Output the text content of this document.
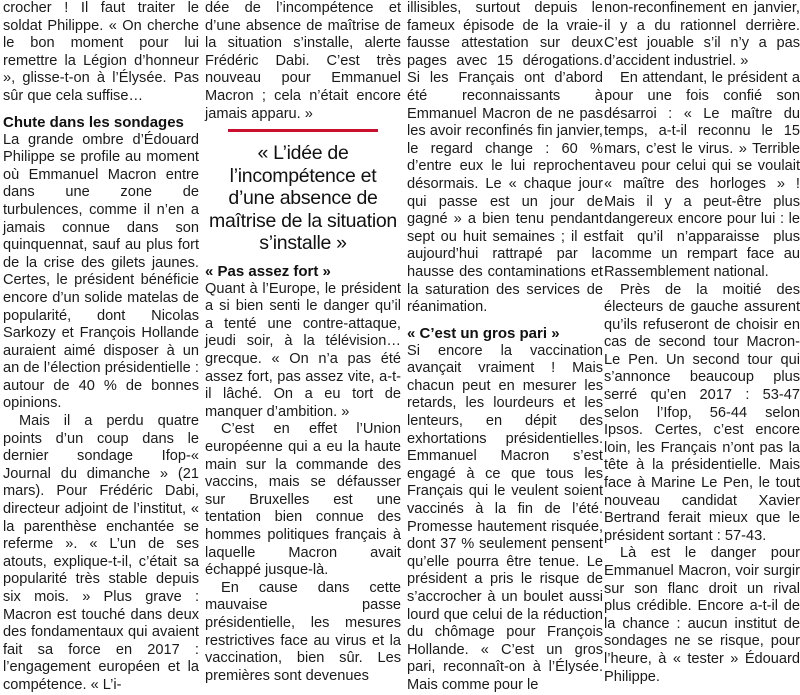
crocher ! Il faut traiter le soldat Philippe. « On cherche le bon moment pour lui remettre la Légion d’honneur », glisse-t-on à l’Élysée. Pas sûr que cela suffise…

Chute dans les sondages

La grande ombre d’Édouard Philippe se profile au moment où Emmanuel Macron entre dans une zone de turbulences, comme il n’en a jamais connue dans son quinquennat, sauf au plus fort de la crise des gilets jaunes. Certes, le président bénéficie encore d’un solide matelas de popularité, dont Nicolas Sarkozy et François Hollande auraient aimé disposer à un an de l’élection présidentielle : autour de 40 % de bonnes opinions.

Mais il a perdu quatre points d’un coup dans le dernier sondage Ifop-« Journal du dimanche » (21 mars). Pour Frédéric Dabi, directeur adjoint de l’institut, « la parenthèse enchantée se referme ». « L’un de ses atouts, explique-t-il, c’était sa popularité très stable depuis six mois. » Plus grave : Macron est touché dans deux des fondamentaux qui avaient fait sa force en 2017 : l’engagement européen et la compétence. « L’i-

dée de l’incompétence et d’une absence de maîtrise de la situation s’installe, alerte Frédéric Dabi. C’est très nouveau pour Emmanuel Macron ; cela n’était encore jamais apparu. »

« L’idée de l’incompétence et d’une absence de maîtrise de la situation s’installe »
« Pas assez fort »

Quant à l’Europe, le président a si bien senti le danger qu’il a tenté une contre-attaque, jeudi soir, à la télévision… grecque. « On n’a pas été assez fort, pas assez vite, a-t-il lâché. On a eu tort de manquer d’ambition. »

C’est en effet l’Union européenne qui a eu la haute main sur la commande des vaccins, mais se défausser sur Bruxelles est une tentation bien connue des hommes politiques français à laquelle Macron avait échappé jusque-là.

En cause dans cette mauvaise passe présidentielle, les mesures restrictives face au virus et la vaccination, bien sûr. Les premières sont devenues

illisibles, surtout depuis le fameux épisode de la vraie-fausse attestation sur deux pages avec 15 dérogations. Si les Français ont d’abord été reconnaissants à Emmanuel Macron de ne pas les avoir reconfinés fin janvier, le regard change : 60 % d’entre eux le lui reprochent désormais. Le « chaque jour qui passe est un jour de gagné » a bien tenu pendant sept ou huit semaines ; il est aujourd’hui rattrapé par la hausse des contaminations et la saturation des services de réanimation.

« C’est un gros pari »

Si encore la vaccination avançait vraiment ! Mais chacun peut en mesurer les retards, les lourdeurs et les lenteurs, en dépit des exhortations présidentielles. Emmanuel Macron s’est engagé à ce que tous les Français qui le veulent soient vaccinés à la fin de l’été. Promesse hautement risquée, dont 37 % seulement pensent qu’elle pourra être tenue. Le président a pris le risque de s’accrocher à un boulet aussi lourd que celui de la réduction du chômage pour François Hollande. « C’est un gros pari, reconnaît-on à l’Élysée. Mais comme pour le

non-reconfinement en janvier, il y a du rationnel derrière. C’est jouable s’il n’y a pas d’accident industriel. »

En attendant, le président a pour une fois confié son désarroi : « Le maître du temps, a-t-il reconnu le 15 mars, c’est le virus. » Terrible aveu pour celui qui se voulait « maître des horloges » ! Mais il y a peut-être plus dangereux encore pour lui : le fait qu’il n’apparaisse plus comme un rempart face au Rassemblement national.

Près de la moitié des électeurs de gauche assurent qu’ils refuseront de choisir en cas de second tour Macron-Le Pen. Un second tour qui s’annonce beaucoup plus serré qu’en 2017 : 53-47 selon l’Ifop, 56-44 selon Ipsos. Certes, c’est encore loin, les Français n’ont pas la tête à la présidentielle. Mais face à Marine Le Pen, le tout nouveau candidat Xavier Bertrand ferait mieux que le président sortant : 57-43.

Là est le danger pour Emmanuel Macron, voir surgir sur son flanc droit un rival plus crédible. Encore a-t-il de la chance : aucun institut de sondages ne se risque, pour l’heure, à « tester » Édouard Philippe.
